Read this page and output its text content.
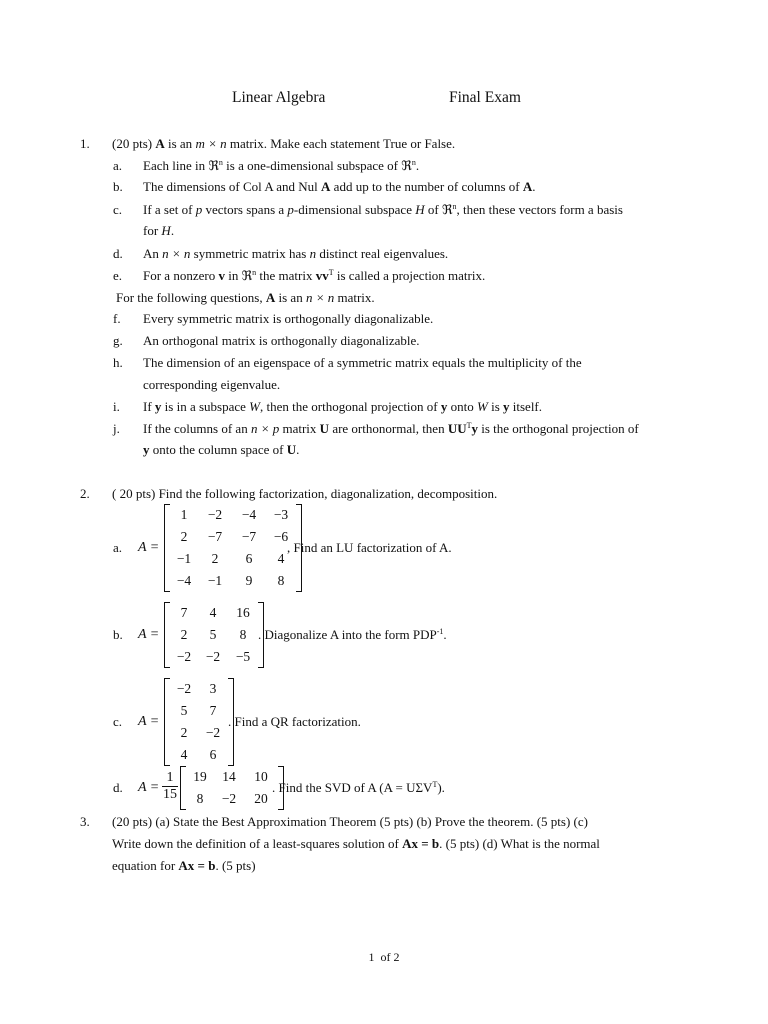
Linear Algebra	Final Exam
1. (20 pts) A is an m × n matrix. Make each statement True or False.
a. Each line in ℜ$^n$ is a one-dimensional subspace of ℜ$^n$.
b. The dimensions of Col A and Nul A add up to the number of columns of A.
c. If a set of p vectors spans a p-dimensional subspace H of ℜ$^n$, then these vectors form a basis
for H.
d. An n × n symmetric matrix has n distinct real eigenvalues.
e. For a nonzero v in ℜ$^n$ the matrix $vv^T$ is called a projection matrix.
For the following questions, A is an n × n matrix.
f. Every symmetric matrix is orthogonally diagonalizable.
g. An orthogonal matrix is orthogonally diagonalizable.
h. The dimension of an eigenspace of a symmetric matrix equals the multiplicity of the
corresponding eigenvalue.
i. If y is in a subspace W, then the orthogonal projection of y onto W is y itself.
j. If the columns of an n × p matrix U are orthonormal, then $UU^Ty$ is the orthogonal projection of
y onto the column space of U.
2. ( 20 pts) Find the following factorization, diagonalization, decomposition.
a. A =
1	−2	−4	−3
2	−7	−7	−6
−1	2	6	4
−4	−1	9	8
, Find an LU factorization of A.
b. A =
7	4	16
2	5	8
−2	−2	−5
. Diagonalize A into the form $PDP^{-1}$.
c. A =
−2	3
5	7
2	−2
4	6
. Find a QR factorization.
d. $A = \frac{1}{15}$	19	14	10
8	−2	20
. Find the SVD of A $(A = U\Sigma V^T)$.
3. (20 pts) (a) State the Best Approximation Theorem (5 pts) (b) Prove the theorem. (5 pts) (c)
Write down the definition of a least-squares solution of Ax = b. (5 pts) (d) What is the normal
equation for Ax = b. (5 pts)
1 of 2
